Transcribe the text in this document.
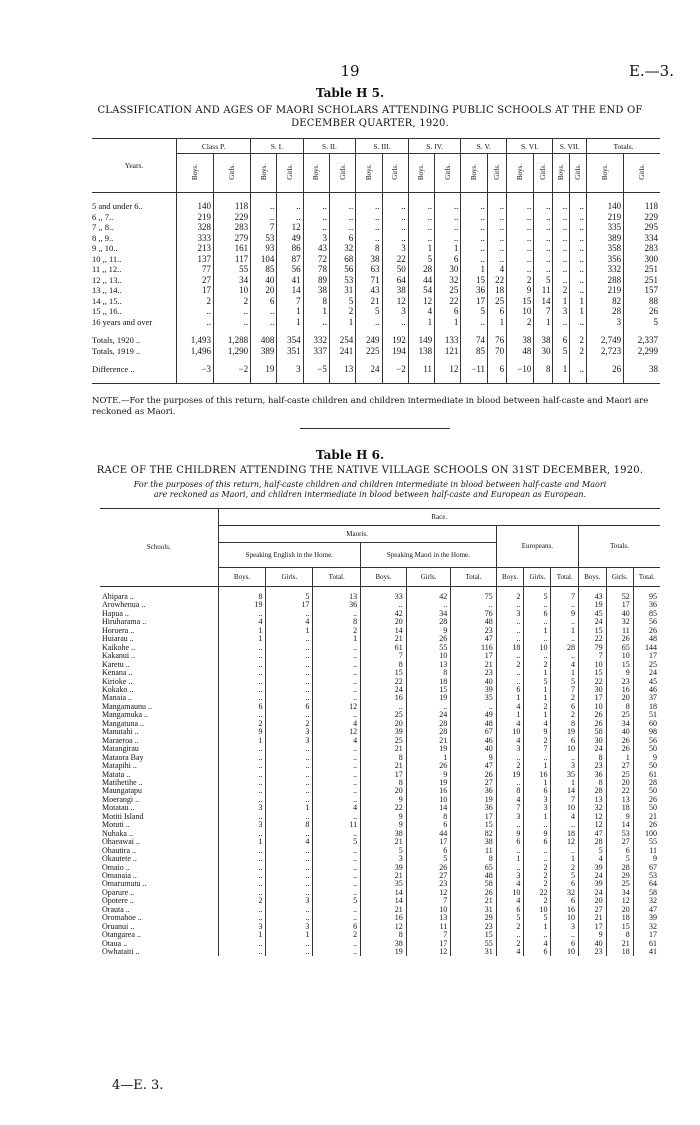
19	E.—3.
Table H 5.
CLASSIFICATION AND AGES OF MAORI SCHOLARS ATTENDING PUBLIC SCHOOLS AT THE END OF
DECEMBER QUARTER, 1920.
Years.	Class P.		S. I.		S. II.		S. III.		S. IV.		S. V.		S. VI.		S. VII.		Totals.	
	Boys.	Girls.	Boys.	Girls.	Boys.	Girls.	Boys.	Girls.	Boys.	Girls.	Boys.	Girls.	Boys.	Girls.	Boys.	Girls.	Boys.	Girls.

5 and under 6..	140	118	..	..	..	..	..	..	..	..	..	..	..	..	..	..	140	118
6 ,, 7..	219	229	..	..	..	..	..	..	..	..	..	..	..	..	..	..	219	229
7 ,, 8..	328	283	7	12	..	..	..	..	..	..	..	..	..	..	..	..	335	295
8 ,, 9..	333	279	53	49	3	6	..	..	..	..	..	..	..	..	..	..	389	334
9 ,, 10..	213	161	93	86	43	32	8	3	1	1	..	..	..	..	..	..	358	283
10 ,, 11..	137	117	104	87	72	68	38	22	5	6	..	..	..	..	..	..	356	300
11 ,, 12..	77	55	85	56	78	56	63	50	28	30	1	4	..	..	..	..	332	251
12 ,, 13..	27	34	40	41	89	53	71	64	44	32	15	22	2	5	..	..	288	251
13 ,, 14..	17	10	20	14	38	31	43	38	54	25	36	18	9	11	2	..	219	157
14 ,, 15..	2	2	6	7	8	5	21	12	12	22	17	25	15	14	1	1	82	88
15 ,, 16..	..	..	..	1	1	2	5	3	4	6	5	6	10	7	3	1	28	26
16 years and over	..	..	..	1	..	1	..	..	1	1	..	1	2	1	..	..	3	5

Totals, 1920 ..	1,493	1,288	408	354	332	254	249	192	149	133	74	76	38	38	6	2	2,749	2,337
Totals, 1919 ..	1,496	1,290	389	351	337	241	225	194	138	121	85	70	48	30	5	2	2,723	2,299

Difference ..	−3	−2	19	3	−5	13	24	−2	11	12	−11	6	−10	8	1	..	26	38

NOTE.—For the purposes of this return, half-caste children and children intermediate in blood between half-caste and Maori are reckoned as Maori.
Table H 6.
RACE OF THE CHILDREN ATTENDING THE NATIVE VILLAGE SCHOOLS ON 31ST DECEMBER, 1920.
For the purposes of this return, half-caste children and children intermediate in blood between half-caste and Maori
are reckoned as Maori, and children intermediate in blood between half-caste and European as European.
Schools.	Race.											
	Maoris.						Europeans.			Totals.		
	Speaking English in the Home.			Speaking Maori in the Home.								
	Boys.	Girls.	Total.	Boys.	Girls.	Total.	Boys.	Girls.	Total.	Boys.	Girls.	Total.
Ahipara ..	8	5	13	33	42	75	2	5	7	43	52	95
Arowhenua ..	19	17	36	..	..	..	..	..	..	19	17	36
Hapua ..	..	..	..	42	34	76	3	6	9	45	40	85
Hiruharama ..	4	4	8	20	28	48	..	..	..	24	32	56
Horoera ..	1	1	2	14	9	23	..	1	1	15	11	26
Huiarau ..	1	..	1	21	26	47	..	..	..	22	26	48
Kaikohe ..	..	..	..	61	55	116	18	10	28	79	65	144
Kakanui ..	..	..	..	7	10	17	..	..	..	7	10	17
Karetu ..	..	..	..	8	13	21	2	2	4	10	15	25
Kenana ..	..	..	..	15	8	23	..	1	1	15	9	24
Kirioke ..	..	..	..	22	18	40	..	5	5	22	23	45
Kokako ..	..	..	..	24	15	39	6	1	7	30	16	46
Manaia ..	..	..	..	16	19	35	1	1	2	17	20	37
Mangamaunu ..	6	6	12	..	..	..	4	2	6	10	8	18
Mangamuka ..	..	..	..	25	24	49	1	1	2	26	25	51
Mangatuna ..	2	2	4	20	28	48	4	4	8	26	34	60
Manutahi ..	9	3	12	39	28	67	10	9	19	58	40	98
Maraeroa ..	1	3	4	25	21	46	4	2	6	30	26	56
Matangirau	..	..	..	21	19	40	3	7	10	24	26	50
Mataora Bay	..	..	..	8	1	9	..	..	..	8	1	9
Matapihi ..	..	..	..	21	26	47	2	1	3	23	27	50
Matata ..	..	..	..	17	9	26	19	16	35	36	25	61
Matihetihe ..	..	..	..	8	19	27	..	1	1	8	20	28
Maungatapu	..	..	..	20	16	36	8	6	14	28	22	50
Moerangi ..	..	..	..	9	10	19	4	3	7	13	13	26
Motatau ..	3	1	4	22	14	36	7	3	10	32	18	50
Motiti Island	..	..	..	9	8	17	3	1	4	12	9	21
Motuti ..	3	8	11	9	6	15	..	..	..	12	14	26
Nuhaka ..	..	..	..	38	44	82	9	9	18	47	53	100
Ohaeawai ..	1	4	5	21	17	38	6	6	12	28	27	55
Ohautira ..	..	..	..	5	6	11	..	..	..	5	6	11
Okautete ..	..	..	..	3	5	8	1	..	1	4	5	9
Omaio ..	..	..	..	39	26	65	..	2	2	39	28	67
Omanaia ..	..	..	..	21	27	48	3	2	5	24	29	53
Omarumutu ..	..	..	..	35	23	58	4	2	6	39	25	64
Oparure ..	..	..	..	14	12	26	10	22	32	24	34	58
Opotere ..	2	3	5	14	7	21	4	2	6	20	12	32
Orauta ..	..	..	..	21	10	31	6	10	16	27	20	47
Oromahoe ..	..	..	..	16	13	29	5	5	10	21	18	39
Oruanui ..	3	3	6	12	11	23	2	1	3	17	15	32
Otangarea ..	1	1	2	8	7	15	..	..	..	9	8	17
Otaua ..	..	..	..	38	17	55	2	4	6	40	21	61
Owhataiti ..	..	..	..	19	12	31	4	6	10	23	18	41
4—E. 3.
